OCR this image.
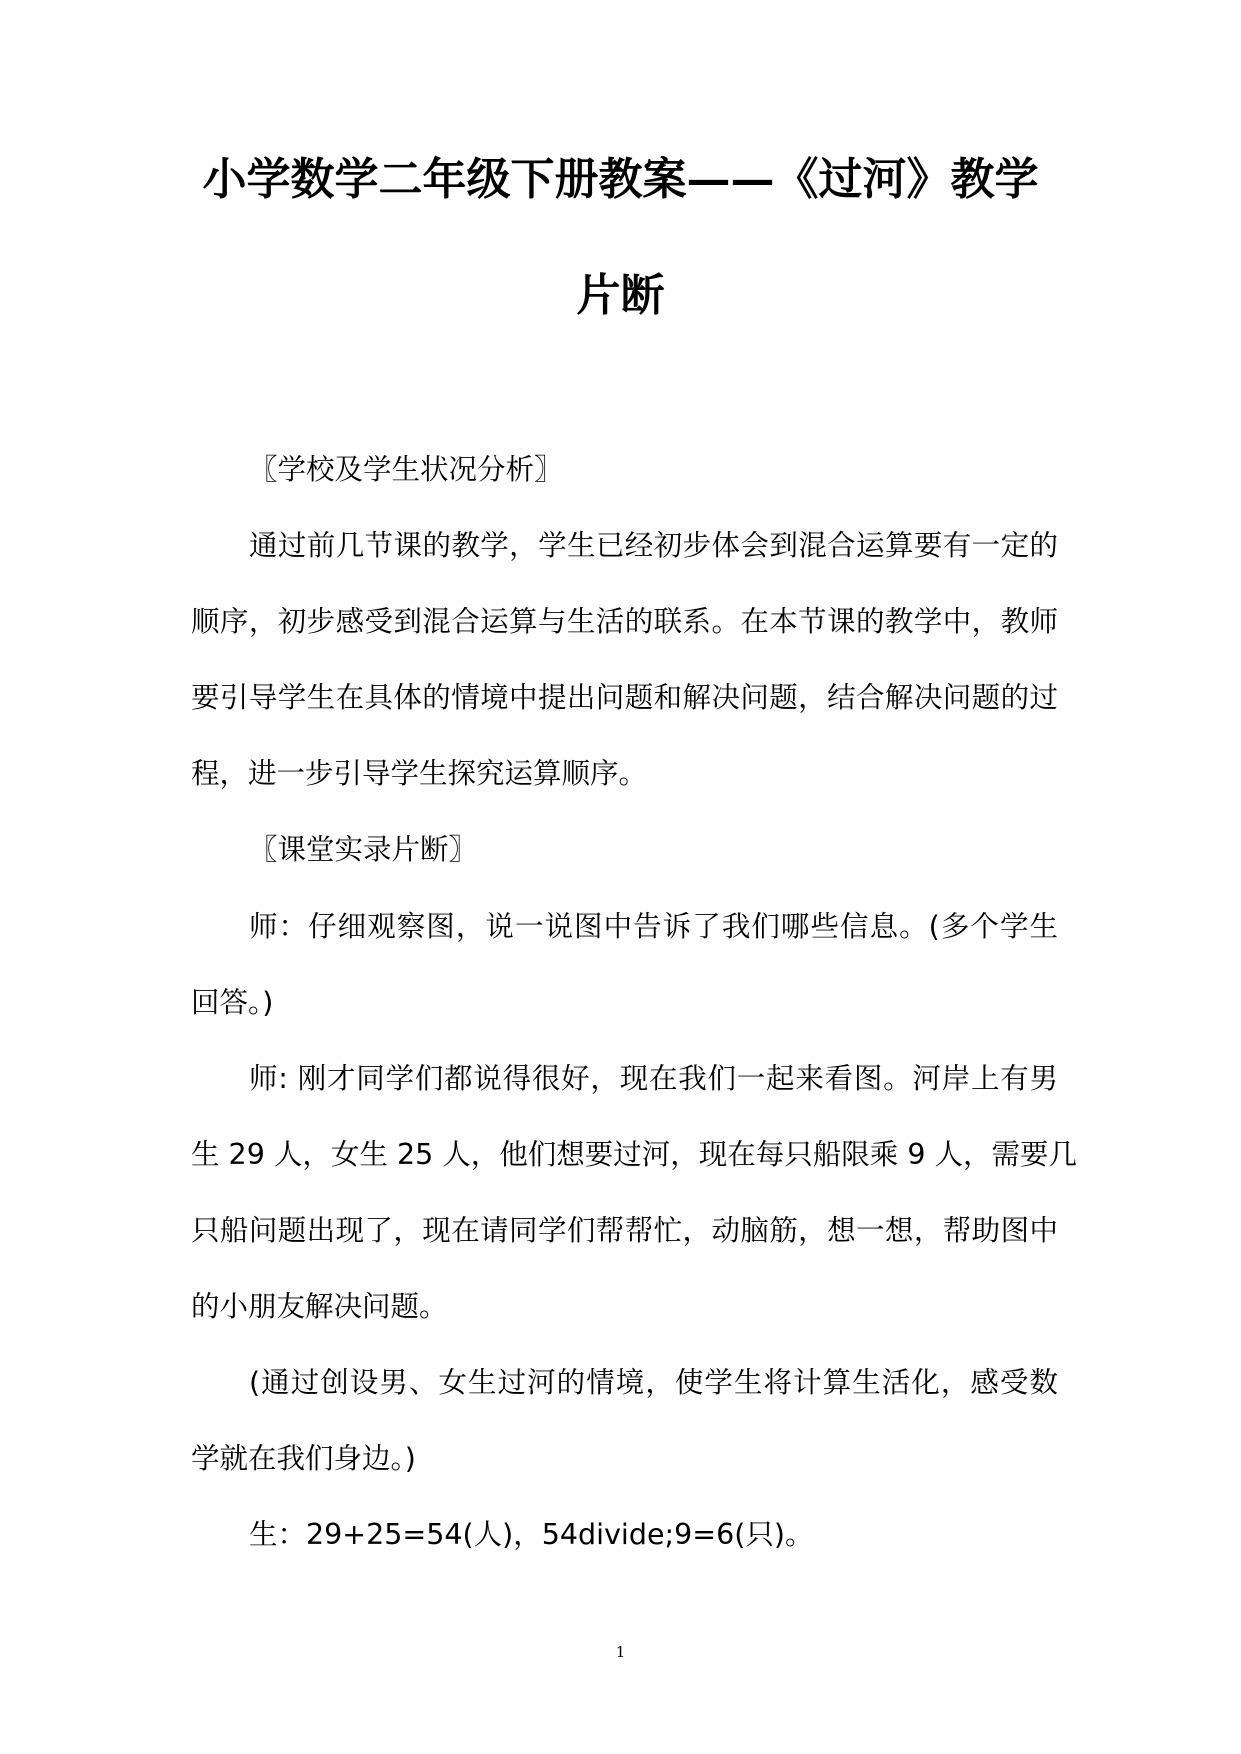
小学数学二年级下册教案——《过河》教学
片断
〖学校及学生状况分析〗
通过前几节课的教学，学生已经初步体会到混合运算要有一定的
顺序，初步感受到混合运算与生活的联系。在本节课的教学中，教师
要引导学生在具体的情境中提出问题和解决问题，结合解决问题的过
程，进一步引导学生探究运算顺序。
〖课堂实录片断〗
师：仔细观察图，说一说图中告诉了我们哪些信息。(多个学生
回答。)
师: 刚才同学们都说得很好，现在我们一起来看图。河岸上有男
生 29 人，女生 25 人，他们想要过河，现在每只船限乘 9 人，需要几
只船问题出现了，现在请同学们帮帮忙，动脑筋，想一想，帮助图中
的小朋友解决问题。
(通过创设男、女生过河的情境，使学生将计算生活化，感受数
学就在我们身边。)
生：29+25=54(人)，54divide;9=6(只)。
1
